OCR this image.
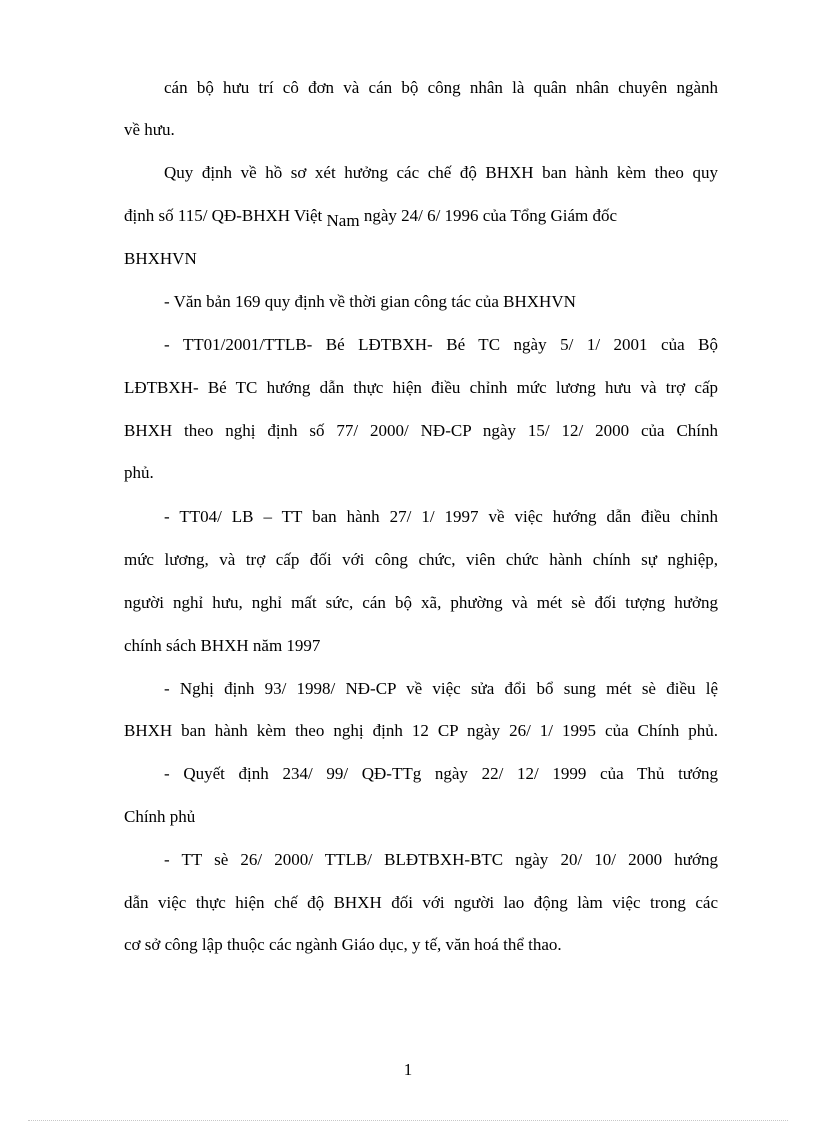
cán bộ hưu trí cô đơn và cán bộ công nhân là quân nhân chuyên ngành
về hưu.
Quy định về hồ sơ xét hưởng các chế độ BHXH ban hành kèm theo quy
định số 115/ QĐ-BHXH Việt Nam ngày 24/ 6/ 1996 của Tổng Giám đốc
BHXHVN
- Văn bản 169 quy định về thời gian công tác của BHXHVN
- TT01/2001/TTLB- Bé LĐTBXH- Bé TC ngày 5/ 1/ 2001 của Bộ
LĐTBXH- Bé TC hướng dẫn thực hiện điều chỉnh mức lương hưu và trợ cấp
BHXH theo nghị định số 77/ 2000/ NĐ-CP ngày 15/ 12/ 2000 của Chính
phủ.
- TT04/ LB – TT ban hành 27/ 1/ 1997 về việc hướng dẫn điều chỉnh
mức lương, và trợ cấp đối với công chức, viên chức hành chính sự nghiệp,
người nghỉ hưu, nghỉ mất sức, cán bộ xã, phường và mét sè đối tượng hưởng
chính sách BHXH năm 1997
- Nghị định 93/ 1998/ NĐ-CP về việc sửa đổi bổ sung mét sè điều lệ
BHXH ban hành kèm theo nghị định 12 CP ngày 26/ 1/ 1995 của Chính phủ.
- Quyết định 234/ 99/ QĐ-TTg ngày 22/ 12/ 1999 của Thủ tướng
Chính phủ
- TT sè 26/ 2000/ TTLB/ BLĐTBXH-BTC ngày 20/ 10/ 2000 hướng
dẫn việc thực hiện chế độ BHXH đối với người lao động làm việc trong các
cơ sở công lập thuộc các ngành Giáo dục, y tế, văn hoá thể thao.
1
